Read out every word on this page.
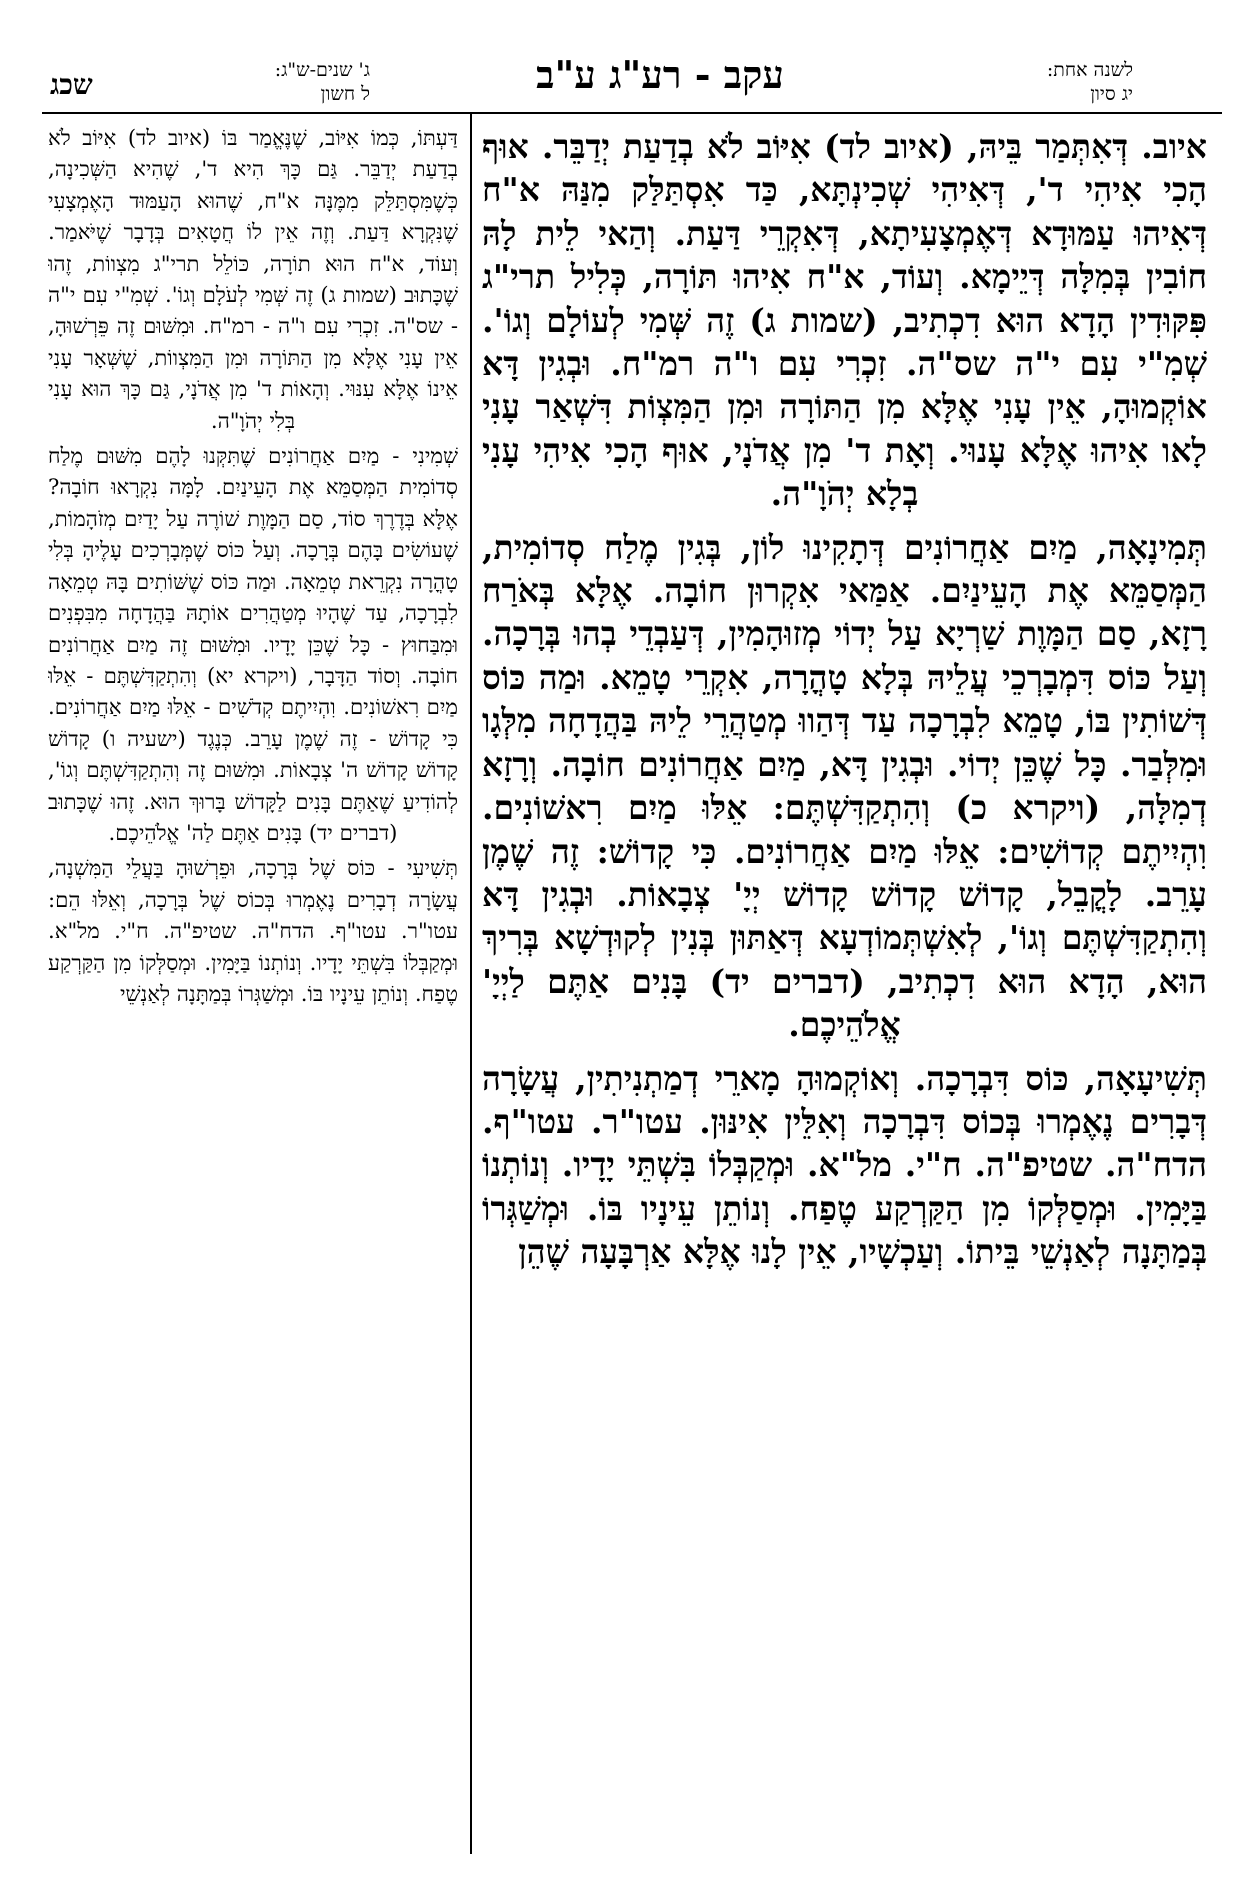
לשנה אחת:
יג סיון
עקב - רע"ג ע"ב
ג' שנים-ש"ג:
ל חשון
שכג

איוב. דְּאִתְּמַר בֵּיהּ, (איוב לד) אִיּוֹב לֹא בְדַעַת יְדַבֵּר. אוּף הָכִי אִיהִי ד', דְּאִיהִי שְׁכִינְתָּא, כַּד אִסְתַּלַּק מִנַּהּ א"ח דְּאִיהוּ עַמּוּדָא דְּאֶמְצָעִיתָא, דְּאִקְרֵי דַּעַת. וְהַאי לֵית לָהּ חוֹבִין בְּמִלָּה דְּיֵימָא. וְעוֹד, א"ח אִיהוּ תּוֹרָה, כְּלִיל תרי"ג פִּקּוּדִין הָדָא הוּא דִכְתִיב, (שמות ג) זֶה שְּׁמִי לְעוֹלָם וְגוֹ'. שְׁמִ"י עִם י"ה שס"ה. זִכְרִי עִם ו"ה רמ"ח. וּבְגִין דָּא אוֹקְמוּהָ, אֵין עָנִי אֶלָּא מִן הַתּוֹרָה וּמִן הַמִּצְוֹת דִּשְׁאַר עָנִי לָאו אִיהוּ אֶלָּא עָנוּי. וְאָת ד' מִן אֲדֹנָי, אוּף הָכִי אִיהִי עָנִי בְלָא יְהֹוָ"ה.

תְּמִינָאָה, מַיִם אַחֲרוֹנִים דְּתָקִינוּ לוֹן, בְּגִין מֶלַח סְדוֹמִית, הַמְּסַמֵּא אֶת הָעֵינַיִם. אַמַּאי אִקְרוּן חוֹבָה. אֶלָּא בְּאֹרַח רָזָא, סַם הַמָּוֶת שַׁרְיָא עַל יְדוֹי מְזוּהָמִין, דְּעַבְדֵי בְהוּ בְּרָכָה. וְעַל כּוֹס דִּמְבָרְכֵי עֲלֵיהּ בְּלָא טָהֳרָה, אִקְרֵי טָמֵא. וּמַה כּוֹס דְּשׁוֹתִין בּוֹ, טָמֵא לִבְרָכָה עַד דְּהַווּ מְטַהֲרֵי לֵיהּ בַּהֲדָחָה מִלְּגָו וּמִלְּבַר. כָּל שֶׁכֵּן יְדוֹי. וּבְגִין דָּא, מַיִם אַחֲרוֹנִים חוֹבָה. וְרָזָא דְמִלָּה, (ויקרא כ) וְהִתְקַדִּשְׁתֶּם: אֵלּוּ מַיִם רִאשׁוֹנִים. וִהְיִיתֶם קְדוֹשִׁים: אֵלּוּ מַיִם אַחֲרוֹנִים. כִּי קָדוֹשׁ: זֶה שֶׁמֶן עָרֵב. לָקֳבֵל, קָדוֹשׁ קָדוֹשׁ קָדוֹשׁ יְיָ' צְבָאוֹת. וּבְגִין דָּא וְהִתְקַדִּשְׁתֶּם וְגוֹ', לְאִשְׁתְּמוֹדְעָא דְּאַתּוּן בְּנִין לְקוּדְשָׁא בְּרִיךְ הוּא, הָדָא הוּא דִכְתִיב, (דברים יד) בָּנִים אַתֶּם לַיְיָ' אֱלֹהֵיכֶם.

תְּשִׁיעָאָה, כּוֹס דִּבְרָכָה. וְאוֹקְמוּהָ מָארֵי דְמַתְנִיתִין, עֲשָׂרָה דְּבָרִים נֶאֶמְרוּ בְּכוֹס דִּבְרָכָה וְאִלֵּין אִינּוּן. עטו"ר. עטו"ף. הדח"ה. שטיפ"ה. ח"י. מל"א. וּמְקַבְּלוֹ בִּשְׁתֵּי יָדָיו. וְנוֹתְנוֹ בַּיָּמִין. וּמְסַלְּקוֹ מִן הַקַּרְקַע טֶפַח. וְנוֹתֵן עֵינָיו בּוֹ. וּמְשַׁגְּרוֹ בְּמַתָּנָה לְאַנְשֵׁי בֵּיתוֹ. וְעַכְשָׁיו, אֵין לָנוּ אֶלָּא אַרְבָּעָה שֶׁהֵן

דַּעְתּוֹ, כְּמוֹ אִיּוֹב, שֶׁנֶּאֱמַר בּוֹ (איוב לד) אִיּוֹב לֹא בְדַעַת יְדַבֵּר. גַּם כָּךְ הִיא ד', שֶׁהִיא הַשְּׁכִינָה, כְּשֶׁמִּסְתַּלֵּק מִמֶּנָּה א"ח, שֶׁהוּא הָעַמּוּד הָאֶמְצָעִי שֶׁנִּקְרָא דַּעַת. וְזֶה אֵין לוֹ חֲטָאִים בְּדָבָר שֶׁיֹּאמַר. וְעוֹד, א"ח הוּא תוֹרָה, כּוֹלֵל תרי"ג מִצְווֹת, זֶהוּ שֶׁכָּתוּב (שמות ג) זֶה שְּׁמִי לְעֹלָם וְגוֹ'. שְׁמִ"י עִם י"ה - שס"ה. זִכְרִי עִם ו"ה - רמ"ח. וּמִשּׁוּם זֶה פֵּרְשׁוּהָ, אֵין עָנִי אֶלָּא מִן הַתּוֹרָה וּמִן הַמִּצְווֹת, שֶׁשְּׁאָר עָנִי אֵינוֹ אֶלָּא עִנּוּי. וְהָאוֹת ד' מִן אֲדֹנָי, גַּם כָּךְ הוּא עָנִי בְּלִי יְהֹוָ"ה.

שְׁמִינִי - מַיִם אַחֲרוֹנִים שֶׁתִּקְּנוּ לָהֶם מִשּׁוּם מֶלַח סְדוֹמִית הַמְּסַמֵּא אֶת הָעֵינַיִם. לָמָּה נִקְרָאוּ חוֹבָה? אֶלָּא בְּדֶרֶךְ סוֹד, סַם הַמָּוֶת שׁוֹרֶה עַל יָדַיִם מְזֹהָמוֹת, שֶׁעוֹשִׂים בָּהֶם בְּרָכָה. וְעַל כּוֹס שֶׁמְּבָרְכִים עָלֶיהָ בְּלִי טָהֳרָה נִקְרֵאת טְמֵאָה. וּמַה כּוֹס שֶׁשּׁוֹתִים בָּהּ טְמֵאָה לִבְרָכָה, עַד שֶׁהָיוּ מְטַהֲרִים אוֹתָהּ בַּהֲדָחָה מִבִּפְנִים וּמִבַּחוּץ - כָּל שֶׁכֵּן יָדָיו. וּמִשּׁוּם זֶה מַיִם אַחֲרוֹנִים חוֹבָה. וְסוֹד הַדָּבָר, (ויקרא יא) וְהִתְקַדִּשְׁתֶּם - אֵלּוּ מַיִם רִאשׁוֹנִים. וִהְיִיתֶם קְדֹשִׁים - אֵלּוּ מַיִם אַחֲרוֹנִים. כִּי קָדוֹשׁ - זֶה שֶׁמֶן עָרֵב. כְּנֶגֶד (ישעיה ו) קָדוֹשׁ קָדוֹשׁ קָדוֹשׁ ה' צְבָאוֹת. וּמִשּׁוּם זֶה וְהִתְקַדִּשְׁתֶּם וְגוֹ', לְהוֹדִיעַ שֶׁאַתֶּם בָּנִים לַקָּדוֹשׁ בָּרוּךְ הוּא. זֶהוּ שֶׁכָּתוּב (דברים יד) בָּנִים אַתֶּם לַה' אֱלֹהֵיכֶם.

תְּשִׁיעִי - כּוֹס שֶׁל בְּרָכָה, וּפֵרְשׁוּהָ בַּעֲלֵי הַמִּשְׁנָה, עֲשָׂרָה דְבָרִים נֶאֶמְרוּ בְּכוֹס שֶׁל בְּרָכָה, וְאֵלּוּ הֵם: עטו"ר. עטו"ף. הדח"ה. שטיפ"ה. ח"י. מל"א. וּמְקַבְּלוֹ בִּשְׁתֵּי יָדָיו. וְנוֹתְנוֹ בַּיָּמִין. וּמְסַלְּקוֹ מִן הַקַּרְקַע טֶפַח. וְנוֹתֵן עֵינָיו בּוֹ. וּמְשַׁגְּרוֹ בְּמַתָּנָה לְאַנְשֵׁי
